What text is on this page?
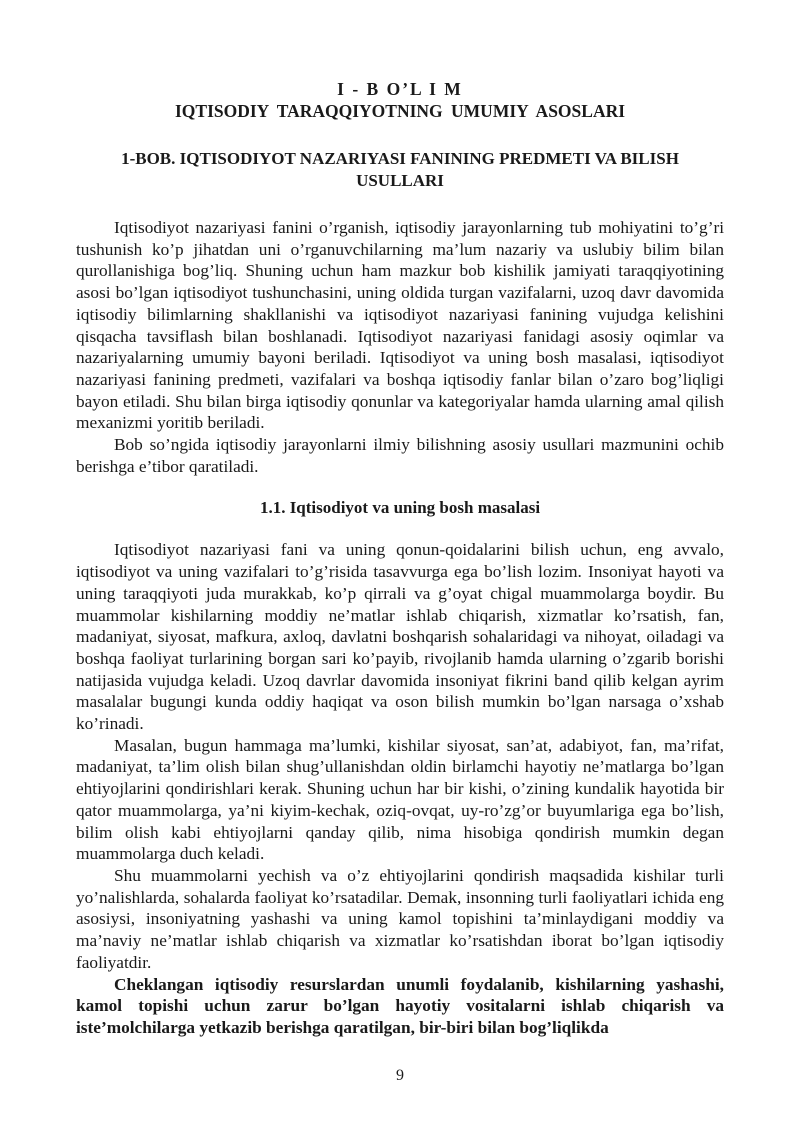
I - B O’L I M

IQTISODIY TARAQQIYOTNING UMUMIY ASOSLARI

1-BOB. IQTISODIYOT NAZARIYASI FANINING PREDMETI VA BILISH USULLARI

Iqtisodiyot nazariyasi fanini o’rganish, iqtisodiy jarayonlarning tub mohiyatini to’g’ri tushunish ko’p jihatdan uni o’rganuvchilarning ma’lum nazariy va uslubiy bilim bilan qurollanishiga bog’liq. Shuning uchun ham mazkur bob kishilik jamiyati taraqqiyotining asosi bo’lgan iqtisodiyot tushunchasini, uning oldida turgan vazifalarni, uzoq davr davomida iqtisodiy bilimlarning shakllanishi va iqtisodiyot nazariyasi fanining vujudga kelishini qisqacha tavsiflash bilan boshlanadi. Iqtisodiyot nazariyasi fanidagi asosiy oqimlar va nazariyalarning umumiy bayoni beriladi. Iqtisodiyot va uning bosh masalasi, iqtisodiyot nazariyasi fanining predmeti, vazifalari va boshqa iqtisodiy fanlar bilan o’zaro bog’liqligi bayon etiladi. Shu bilan birga iqtisodiy qonunlar va kategoriyalar hamda ularning amal qilish mexanizmi yoritib beriladi.

Bob so’ngida iqtisodiy jarayonlarni ilmiy bilishning asosiy usullari mazmunini ochib berishga e’tibor qaratiladi.

1.1. Iqtisodiyot va uning bosh masalasi

Iqtisodiyot nazariyasi fani va uning qonun-qoidalarini bilish uchun, eng avvalo, iqtisodiyot va uning vazifalari to’g’risida tasavvurga ega bo’lish lozim. Insoniyat hayoti va uning taraqqiyoti juda murakkab, ko’p qirrali va g’oyat chigal muammolarga boydir. Bu muammolar kishilarning moddiy ne’matlar ishlab chiqarish, xizmatlar ko’rsatish, fan, madaniyat, siyosat, mafkura, axloq, davlatni boshqarish sohalaridagi va nihoyat, oiladagi va boshqa faoliyat turlarining borgan sari ko’payib, rivojlanib hamda ularning o’zgarib borishi natijasida vujudga keladi. Uzoq davrlar davomida insoniyat fikrini band qilib kelgan ayrim masalalar bugungi kunda oddiy haqiqat va oson bilish mumkin bo’lgan narsaga o’xshab ko’rinadi.

Masalan, bugun hammaga ma’lumki, kishilar siyosat, san’at, adabiyot, fan, ma’rifat, madaniyat, ta’lim olish bilan shug’ullanishdan oldin birlamchi hayotiy ne’matlarga bo’lgan ehtiyojlarini qondirishlari kerak. Shuning uchun har bir kishi, o’zining kundalik hayotida bir qator muammolarga, ya’ni kiyim-kechak, oziq-ovqat, uy-ro’zg’or buyumlariga ega bo’lish, bilim olish kabi ehtiyojlarni qanday qilib, nima hisobiga qondirish mumkin degan muammolarga duch keladi.

Shu muammolarni yechish va o’z ehtiyojlarini qondirish maqsadida kishilar turli yo’nalishlarda, sohalarda faoliyat ko’rsatadilar. Demak, insonning turli faoliyatlari ichida eng asosiysi, insoniyatning yashashi va uning kamol topishini ta’minlaydigani moddiy va ma’naviy ne’matlar ishlab chiqarish va xizmatlar ko’rsatishdan iborat bo’lgan iqtisodiy faoliyatdir.

Cheklangan iqtisodiy resurslardan unumli foydalanib, kishilarning yashashi, kamol topishi uchun zarur bo’lgan hayotiy vositalarni ishlab chiqarish va iste’molchilarga yetkazib berishga qaratilgan, bir-biri bilan bog’liqlikda

9
